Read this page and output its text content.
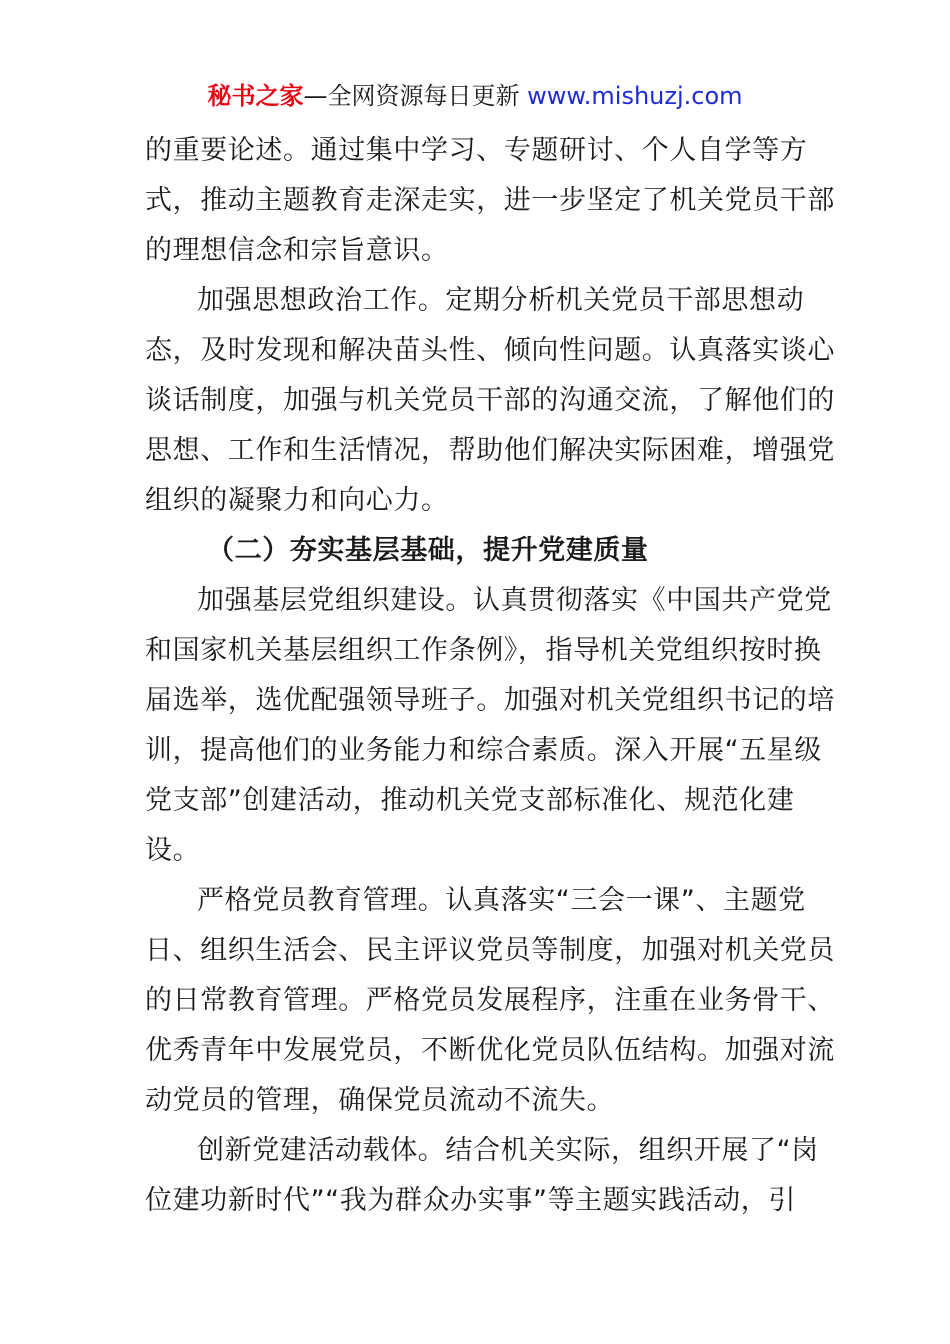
秘书之家—全网资源每日更新 www.mishuzj.com
的重要论述。通过集中学习、专题研讨、个人自学等方
式，推动主题教育走深走实，进一步坚定了机关党员干部
的理想信念和宗旨意识。
加强思想政治工作。定期分析机关党员干部思想动
态，及时发现和解决苗头性、倾向性问题。认真落实谈心
谈话制度，加强与机关党员干部的沟通交流，了解他们的
思想、工作和生活情况，帮助他们解决实际困难，增强党
组织的凝聚力和向心力。
（二）夯实基层基础，提升党建质量
加强基层党组织建设。认真贯彻落实《中国共产党党
和国家机关基层组织工作条例》，指导机关党组织按时换
届选举，选优配强领导班子。加强对机关党组织书记的培
训，提高他们的业务能力和综合素质。深入开展“五星级
党支部”创建活动，推动机关党支部标准化、规范化建
设。
严格党员教育管理。认真落实“三会一课”、主题党
日、组织生活会、民主评议党员等制度，加强对机关党员
的日常教育管理。严格党员发展程序，注重在业务骨干、
优秀青年中发展党员，不断优化党员队伍结构。加强对流
动党员的管理，确保党员流动不流失。
创新党建活动载体。结合机关实际，组织开展了“岗
位建功新时代”“我为群众办实事”等主题实践活动，引
